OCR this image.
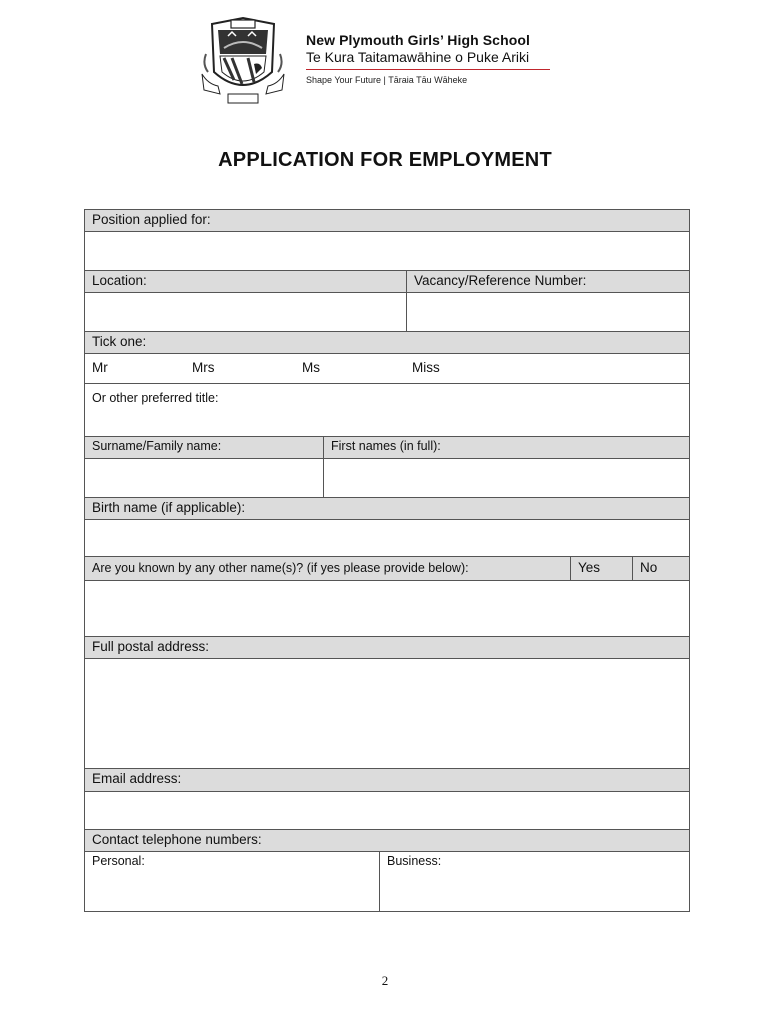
New Plymouth Girls’ High School
Te Kura Taitamawāhine o Puke Ariki
Shape Your Future | Tāraia Tāu Wāheke
APPLICATION FOR EMPLOYMENT
Position applied for:
Location:	Vacancy/Reference Number:
Tick one:
Mr	Mrs	Ms	Miss
Or other preferred title:
Surname/Family name:	First names (in full):
Birth name (if applicable):
Are you known by any other name(s)? (if yes please provide below):	Yes	No
Full postal address:
Email address:
Contact telephone numbers:
Personal:	Business:
2
